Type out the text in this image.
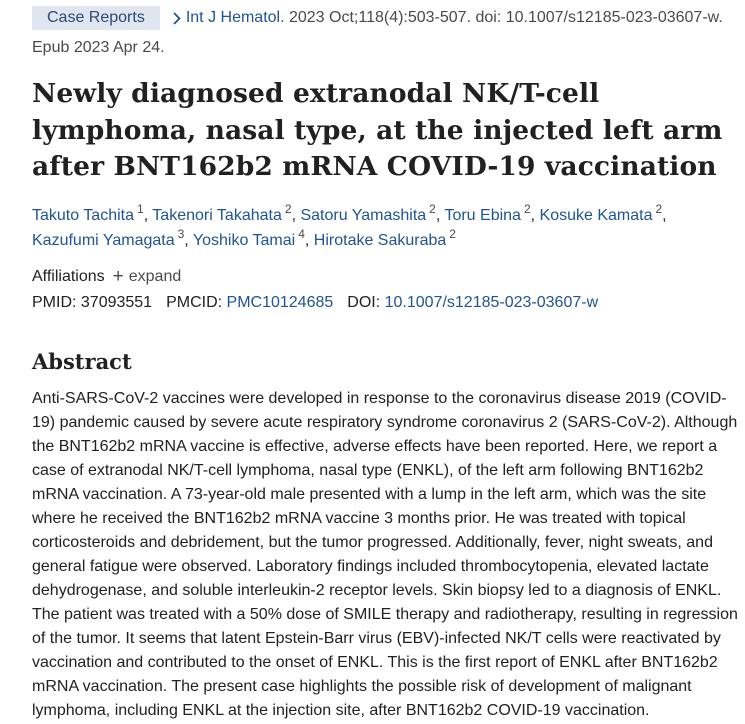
Case Reports	Int J Hematol. 2023 Oct;118(4):503-507. doi: 10.1007/s12185-023-03607-w.
Epub 2023 Apr 24.
Newly diagnosed extranodal NK/T-cell lymphoma, nasal type, at the injected left arm after BNT162b2 mRNA COVID-19 vaccination
Takuto Tachita $^1$, Takenori Takahata $^2$, Satoru Yamashita $^2$, Toru Ebina $^2$, Kosuke Kamata $^2$,
Kazufumi Yamagata $^3$, Yoshiko Tamai $^4$, Hirotake Sakuraba $^2$
Affiliations + expand
PMID: 37093551 PMCID: PMC10124685 DOI: 10.1007/s12185-023-03607-w
Abstract
Anti-SARS-CoV-2 vaccines were developed in response to the coronavirus disease 2019 (COVID-
19) pandemic caused by severe acute respiratory syndrome coronavirus 2 (SARS-CoV-2). Although
the BNT162b2 mRNA vaccine is effective, adverse effects have been reported. Here, we report a
case of extranodal NK/T-cell lymphoma, nasal type (ENKL), of the left arm following BNT162b2
mRNA vaccination. A 73-year-old male presented with a lump in the left arm, which was the site
where he received the BNT162b2 mRNA vaccine 3 months prior. He was treated with topical
corticosteroids and debridement, but the tumor progressed. Additionally, fever, night sweats, and
general fatigue were observed. Laboratory findings included thrombocytopenia, elevated lactate
dehydrogenase, and soluble interleukin-2 receptor levels. Skin biopsy led to a diagnosis of ENKL.
The patient was treated with a 50% dose of SMILE therapy and radiotherapy, resulting in regression
of the tumor. It seems that latent Epstein-Barr virus (EBV)-infected NK/T cells were reactivated by
vaccination and contributed to the onset of ENKL. This is the first report of ENKL after BNT162b2
mRNA vaccination. The present case highlights the possible risk of development of malignant
lymphoma, including ENKL at the injection site, after BNT162b2 COVID-19 vaccination.
